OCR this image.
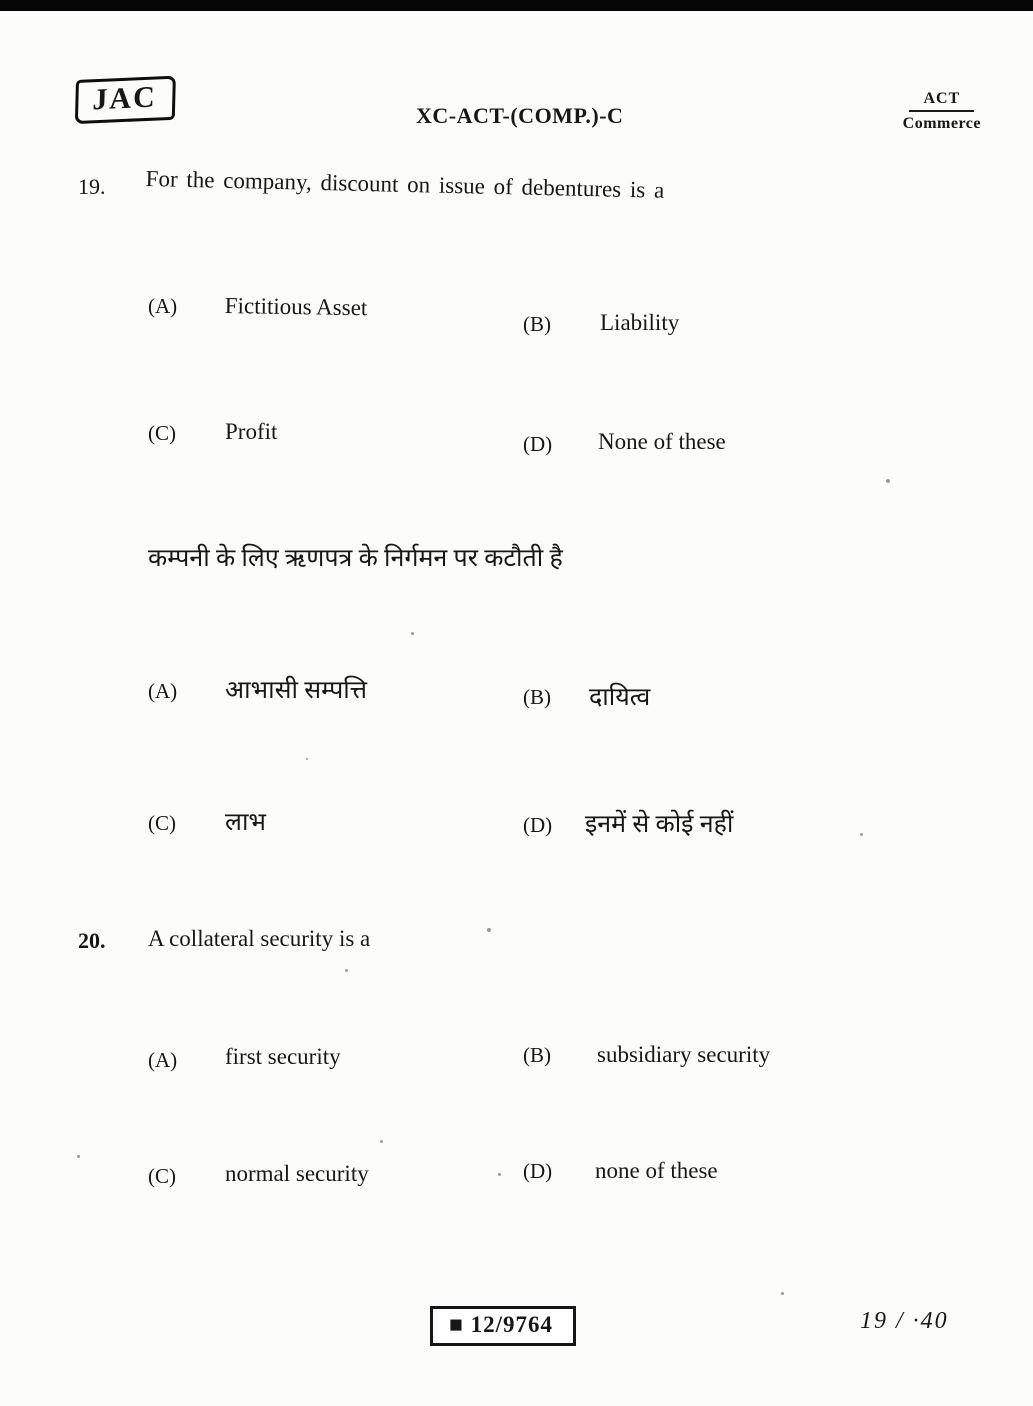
JAC	XC-ACT-(COMP.)-C
ACT
Commerce
19. For the company, discount on issue of debentures is a
(A) Fictitious Asset
(B) Liability
(C) Profit	(D) None of these
कम्पनी के लिए ऋणपत्र के निर्गमन पर कटौती है
(A) आभासी सम्पत्ति	(B) दायित्व
(C) लाभ	(D) इनमें से कोई नहीं
20. A collateral security is a
(A) first security	(B) subsidiary security
(C) normal security	(D) none of these
■ 12/9764	19 / ·40
